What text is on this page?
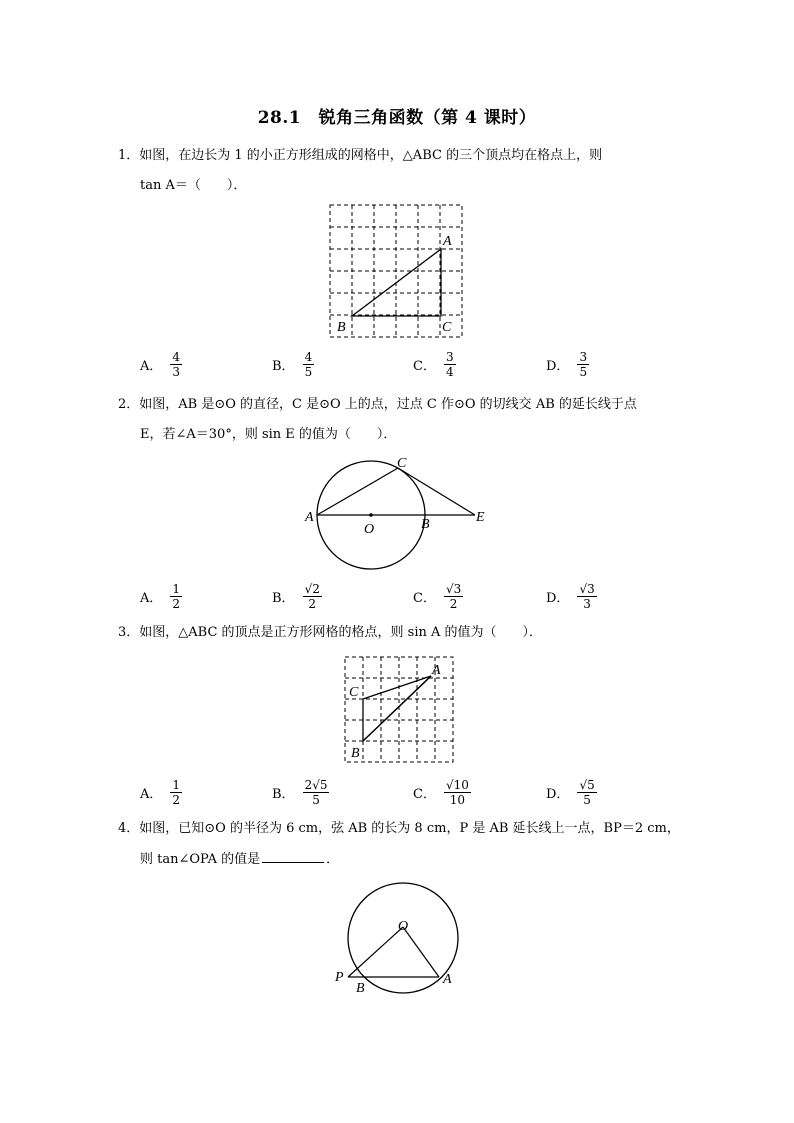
28.1　锐角三角函数（第 4 课时）
1．如图，在边长为 1 的小正方形组成的网格中，△ABC 的三个顶点均在格点上，则
tan A＝（　　）．
A
B	C
A． $\frac{4}{3}$	B． $\frac{4}{5}$	C． $\frac{3}{4}$	D． $\frac{3}{5}$
2．如图，AB 是⊙O 的直径，C 是⊙O 上的点，过点 C 作⊙O 的切线交 AB 的延长线于点
E，若∠A＝30°，则 sin E 的值为（　　）．
A
O	B
C
E
A． $\frac{1}{2}$	B． $\frac{√2}{2}$	C． $\frac{√3}{2}$	D． $\frac{√3}{3}$
3．如图，△ABC 的顶点是正方形网格的格点，则 sin A 的值为（　　）．
A
C
B
A． $\frac{1}{2}$	B． $\frac{2√5}{5}$	C． $\frac{√10}{10}$	D． $\frac{√5}{5}$
4．如图，已知⊙O 的半径为 6 cm，弦 AB 的长为 8 cm，P 是 AB 延长线上一点，BP＝2 cm，
则 tan∠OPA 的值是	．
O
P
B
A
